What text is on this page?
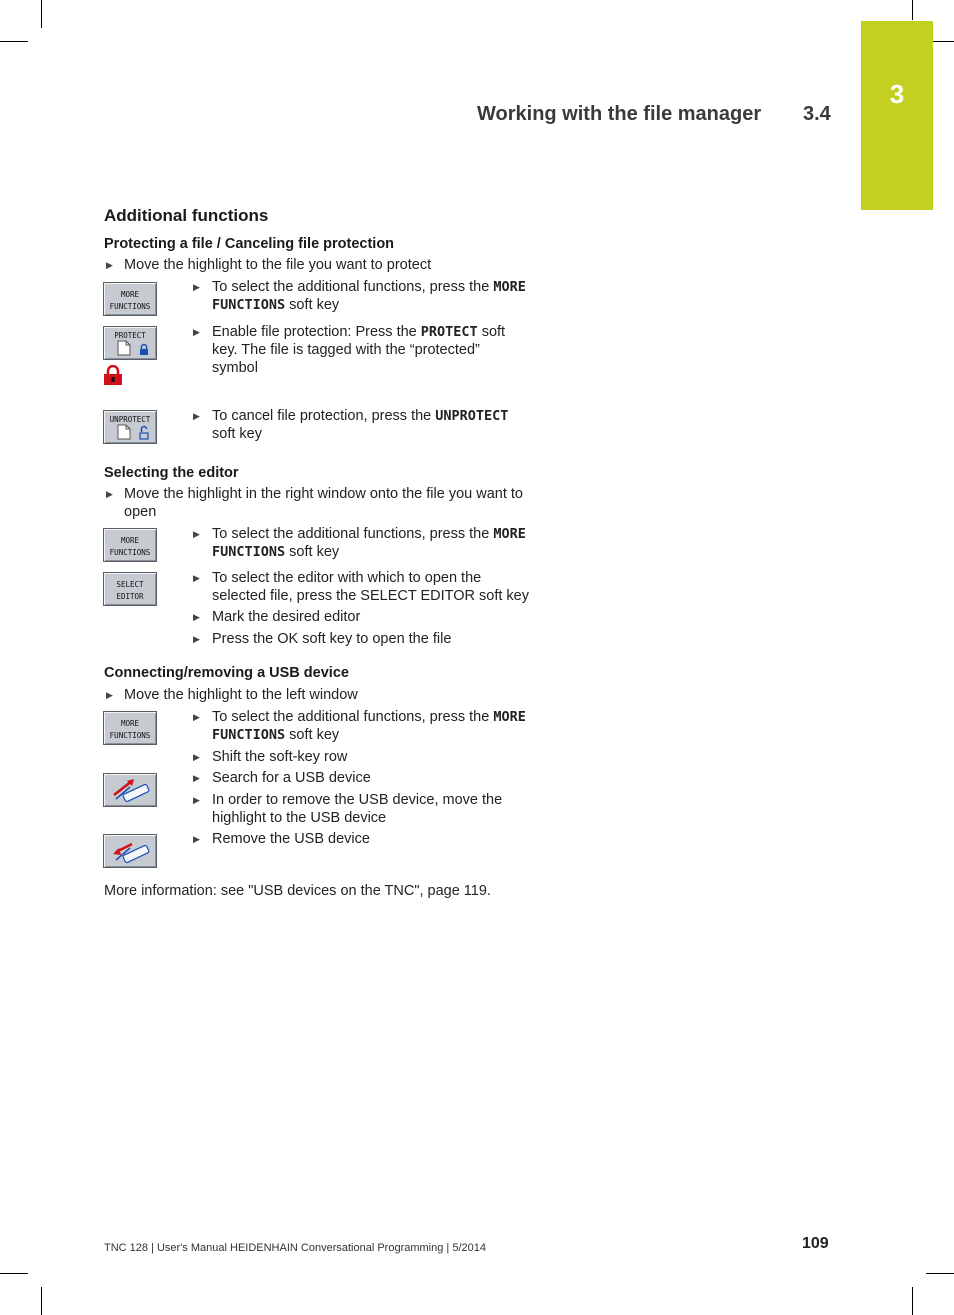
3
Working with the file manager 3.4
Additional functions
Protecting a file / Canceling file protection
▶ Move the highlight to the file you want to protect
MORE
FUNCTIONS
▶ To select the additional functions, press the MORE
FUNCTIONS soft key
PROTECT	▶ Enable file protection: Press the PROTECT soft
key. The file is tagged with the “protected”
symbol
UNPROTECT	▶ To cancel file protection, press the UNPROTECT
soft key
Selecting the editor
▶ Move the highlight in the right window onto the file you want to
open
MORE
FUNCTIONS
▶ To select the additional functions, press the MORE
FUNCTIONS soft key
SELECT
EDITOR
▶ To select the editor with which to open the
selected file, press the SELECT EDITOR soft key
▶ Mark the desired editor
▶ Press the OK soft key to open the file
Connecting/removing a USB device
▶ Move the highlight to the left window
MORE
FUNCTIONS
▶ To select the additional functions, press the MORE
FUNCTIONS soft key
▶ Shift the soft-key row
▶ Search for a USB device
▶ In order to remove the USB device, move the
highlight to the USB device
▶ Remove the USB device
More information: see "USB devices on the TNC", page 119.
TNC 128 | User's Manual HEIDENHAIN Conversational Programming | 5/2014	109
